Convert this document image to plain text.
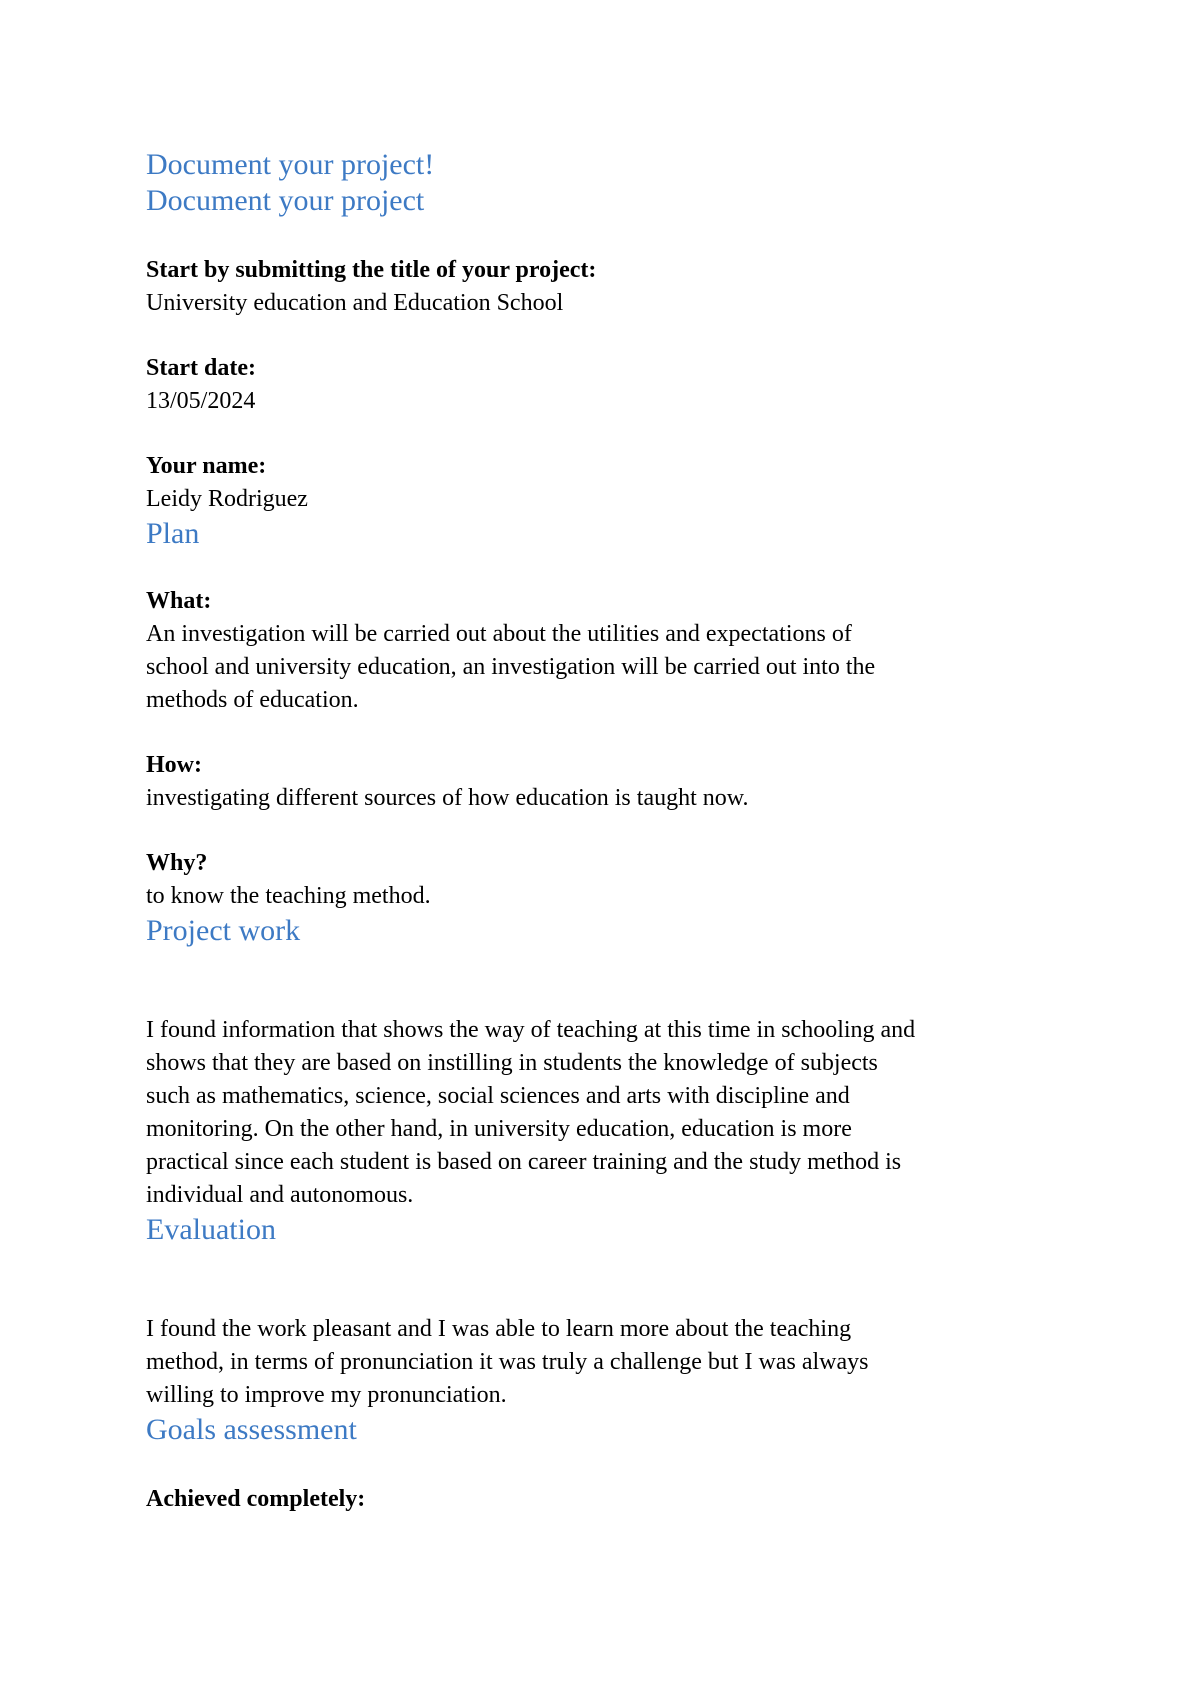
Document your project!
Document your project
Start by submitting the title of your project:
University education and Education School
Start date:
13/05/2024
Your name:
Leidy Rodriguez
Plan
What:
An investigation will be carried out about the utilities and expectations of
school and university education, an investigation will be carried out into the
methods of education.
How:
investigating different sources of how education is taught now.
Why?
to know the teaching method.
Project work
I found information that shows the way of teaching at this time in schooling and
shows that they are based on instilling in students the knowledge of subjects
such as mathematics, science, social sciences and arts with discipline and
monitoring. On the other hand, in university education, education is more
practical since each student is based on career training and the study method is
individual and autonomous.
Evaluation
I found the work pleasant and I was able to learn more about the teaching
method, in terms of pronunciation it was truly a challenge but I was always
willing to improve my pronunciation.
Goals assessment
Achieved completely:
